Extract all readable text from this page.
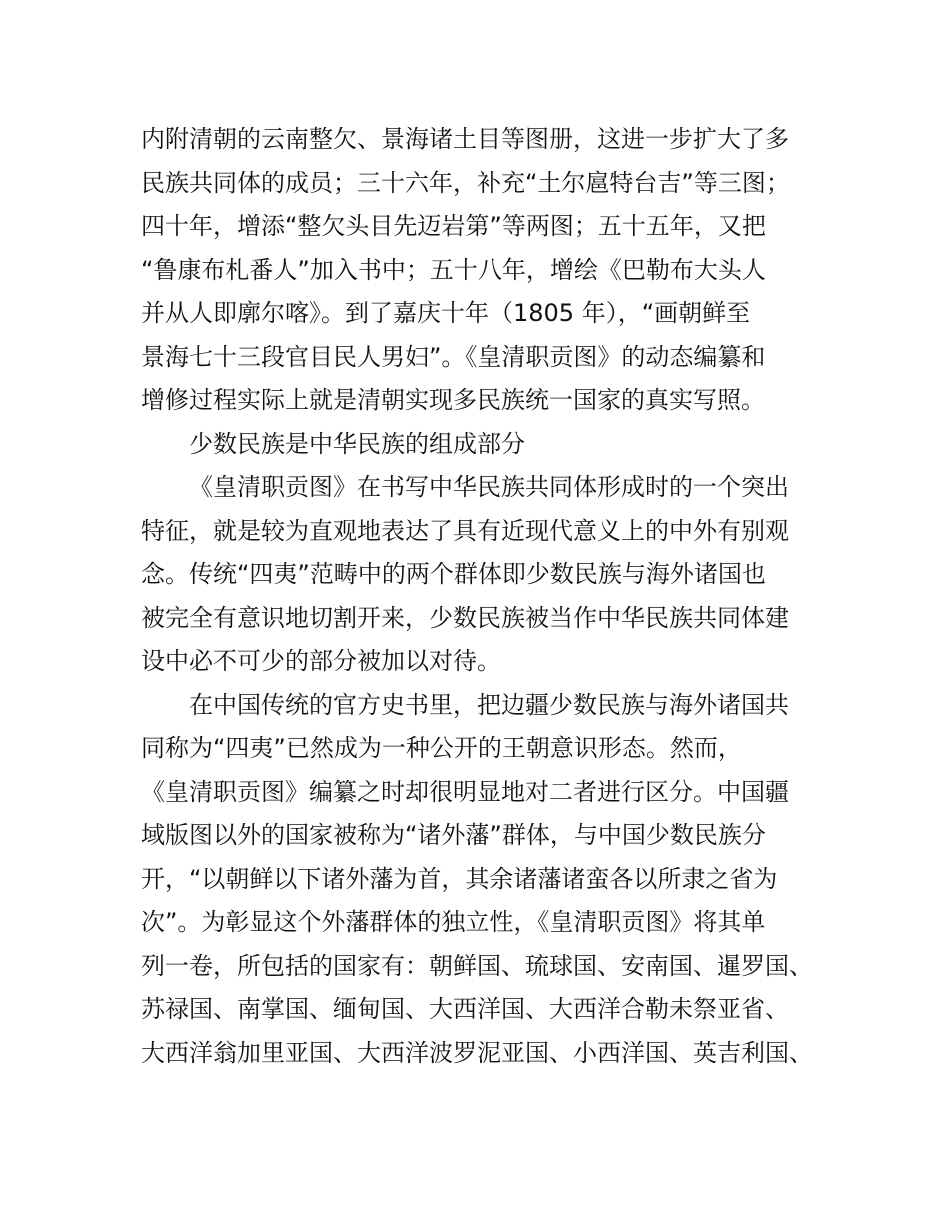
内附清朝的云南整欠、景海诸土目等图册，这进一步扩大了多
民族共同体的成员；三十六年，补充“土尔扈特台吉”等三图；
四十年，增添“整欠头目先迈岩第”等两图；五十五年，又把
“鲁康布札番人”加入书中；五十八年，增绘《巴勒布大头人
并从人即廓尔喀》。到了嘉庆十年（1805 年），“画朝鲜至
景海七十三段官目民人男妇”。《皇清职贡图》的动态编纂和
增修过程实际上就是清朝实现多民族统一国家的真实写照。
少数民族是中华民族的组成部分
《皇清职贡图》在书写中华民族共同体形成时的一个突出
特征，就是较为直观地表达了具有近现代意义上的中外有别观
念。传统“四夷”范畴中的两个群体即少数民族与海外诸国也
被完全有意识地切割开来，少数民族被当作中华民族共同体建
设中必不可少的部分被加以对待。
在中国传统的官方史书里，把边疆少数民族与海外诸国共
同称为“四夷”已然成为一种公开的王朝意识形态。然而，
《皇清职贡图》编纂之时却很明显地对二者进行区分。中国疆
域版图以外的国家被称为“诸外藩”群体，与中国少数民族分
开，“以朝鲜以下诸外藩为首，其余诸藩诸蛮各以所隶之省为
次”。为彰显这个外藩群体的独立性，《皇清职贡图》将其单
列一卷，所包括的国家有：朝鲜国、琉球国、安南国、暹罗国、
苏禄国、南掌国、缅甸国、大西洋国、大西洋合勒未祭亚省、
大西洋翁加里亚国、大西洋波罗泥亚国、小西洋国、英吉利国、
